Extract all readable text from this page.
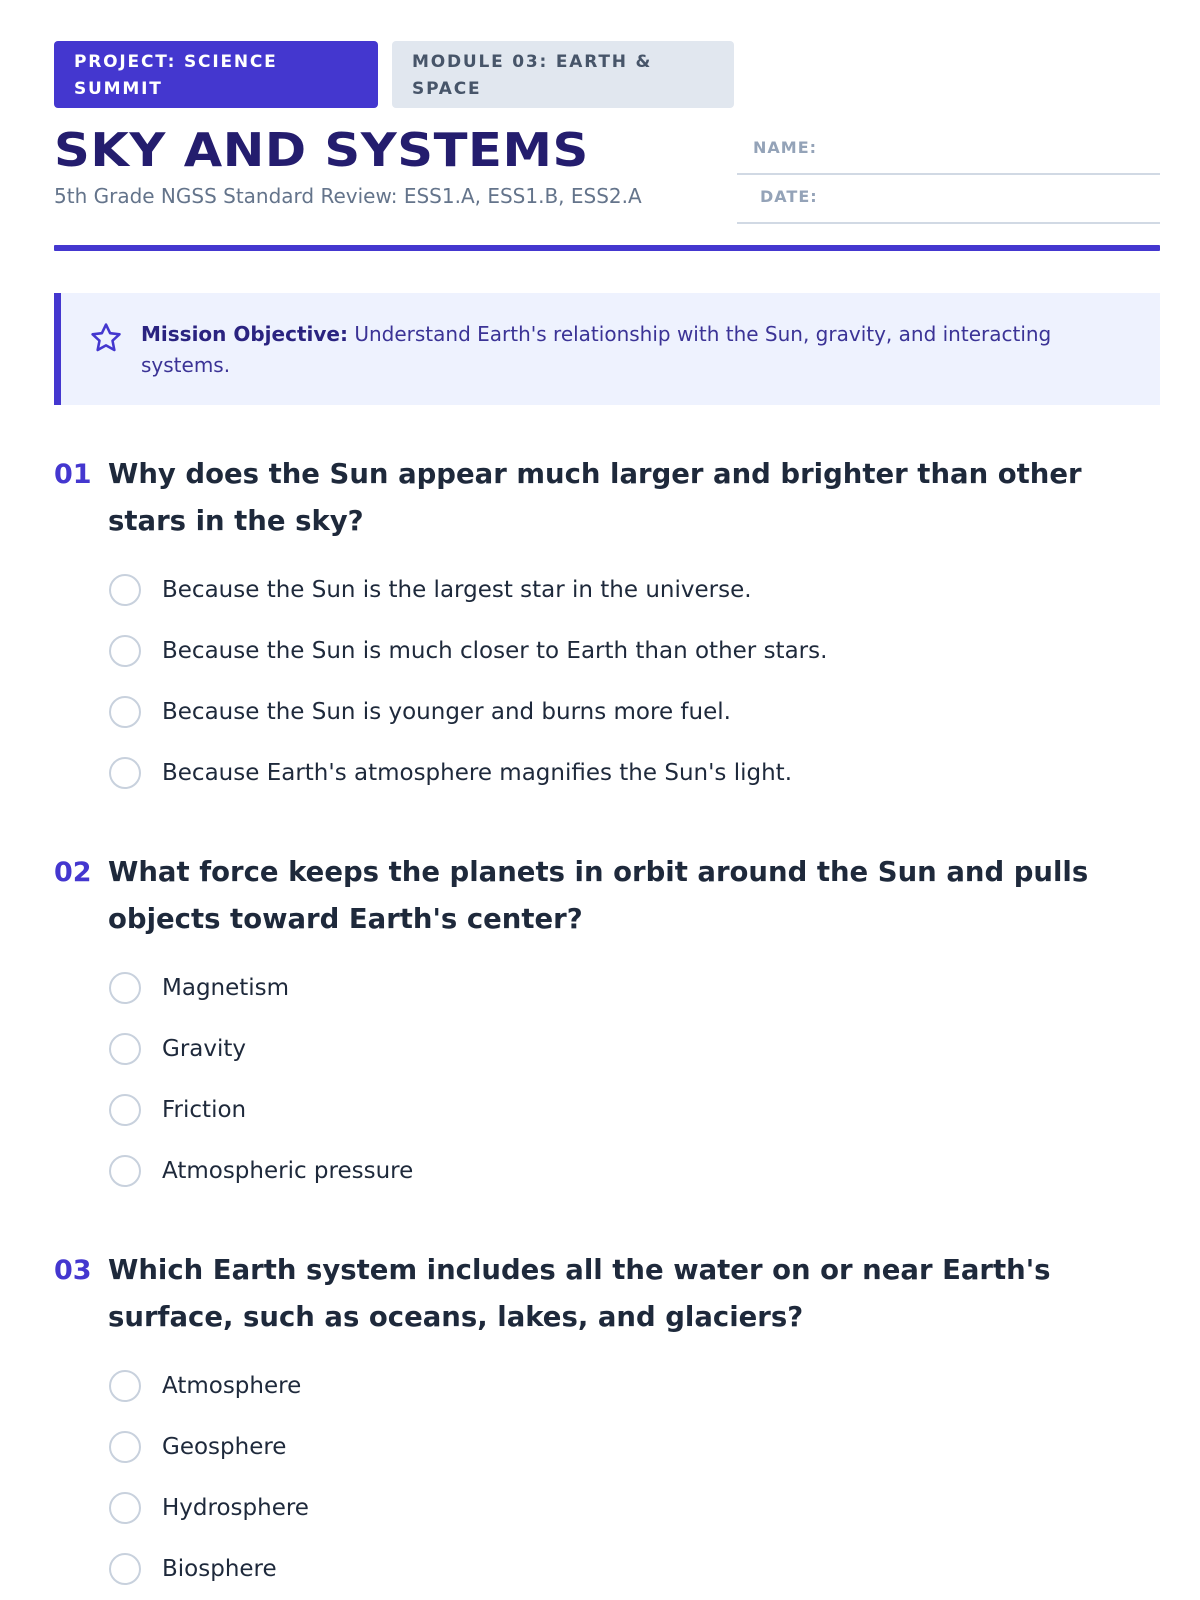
PROJECT: SCIENCE SUMMIT
MODULE 03: EARTH & SPACE
SKY AND SYSTEMS
5th Grade NGSS Standard Review: ESS1.A, ESS1.B, ESS2.A
NAME:
DATE:
Mission Objective: Understand Earth's relationship with the Sun, gravity, and interacting systems.
01 Why does the Sun appear much larger and brighter than other stars in the sky?
Because the Sun is the largest star in the universe.
Because the Sun is much closer to Earth than other stars.
Because the Sun is younger and burns more fuel.
Because Earth's atmosphere magnifies the Sun's light.
02 What force keeps the planets in orbit around the Sun and pulls objects toward Earth's center?
Magnetism
Gravity
Friction
Atmospheric pressure
03 Which Earth system includes all the water on or near Earth's surface, such as oceans, lakes, and glaciers?
Atmosphere
Geosphere
Hydrosphere
Biosphere
